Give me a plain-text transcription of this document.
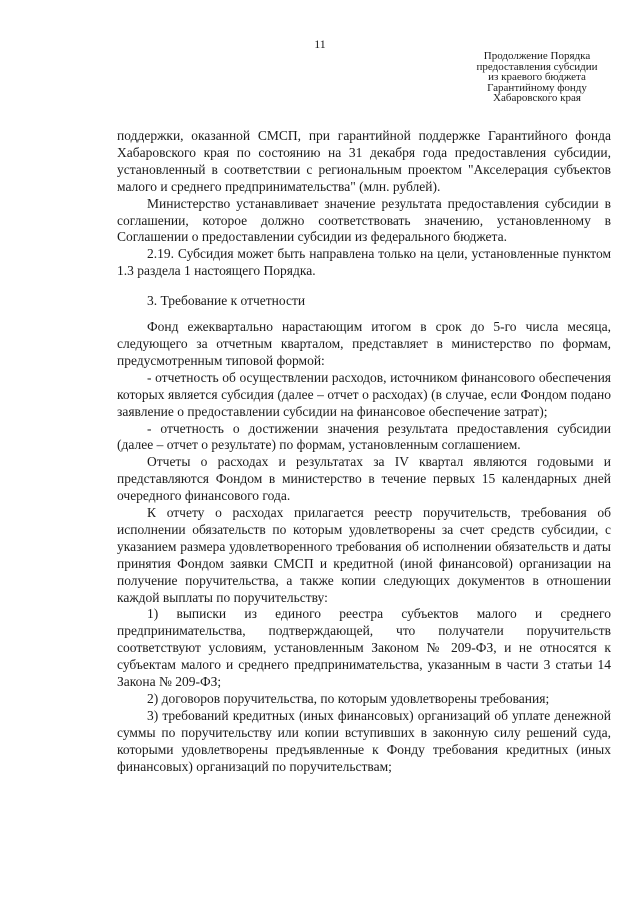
11
Продолжение Порядка
предоставления субсидии
из краевого бюджета
Гарантийному фонду
Хабаровского края

поддержки, оказанной СМСП, при гарантийной поддержке Гарантийного фонда Хабаровского края по состоянию на 31 декабря года предоставления субсидии, установленный в соответствии с региональным проектом "Акселерация субъектов малого и среднего предпринимательства" (млн. рублей).

Министерство устанавливает значение результата предоставления субсидии в соглашении, которое должно соответствовать значению, установленному в Соглашении о предоставлении субсидии из федерального бюджета.

2.19. Субсидия может быть направлена только на цели, установленные пунктом 1.3 раздела 1 настоящего Порядка.

3. Требование к отчетности

Фонд ежеквартально нарастающим итогом в срок до 5-го числа месяца, следующего за отчетным кварталом, представляет в министерство по формам, предусмотренным типовой формой:

- отчетность об осуществлении расходов, источником финансового обеспечения которых является субсидия (далее – отчет о расходах) (в случае, если Фондом подано заявление о предоставлении субсидии на финансовое обеспечение затрат);

- отчетность о достижении значения результата предоставления субсидии (далее – отчет о результате) по формам, установленным соглашением.

Отчеты о расходах и результатах за IV квартал являются годовыми и представляются Фондом в министерство в течение первых 15 календарных дней очередного финансового года.

К отчету о расходах прилагается реестр поручительств, требования об исполнении обязательств по которым удовлетворены за счет средств субсидии, с указанием размера удовлетворенного требования об исполнении обязательств и даты принятия Фондом заявки СМСП и кредитной (иной финансовой) организации на получение поручительства, а также копии следующих документов в отношении каждой выплаты по поручительству:

1) выписки из единого реестра субъектов малого и среднего предпринимательства, подтверждающей, что получатели поручительств соответствуют условиям, установленным Законом № 209-ФЗ, и не относятся к субъектам малого и среднего предпринимательства, указанным в части 3 статьи 14 Закона № 209-ФЗ;

2) договоров поручительства, по которым удовлетворены требования;

3) требований кредитных (иных финансовых) организаций об уплате денежной суммы по поручительству или копии вступивших в законную силу решений суда, которыми удовлетворены предъявленные к Фонду требования кредитных (иных финансовых) организаций по поручительствам;
